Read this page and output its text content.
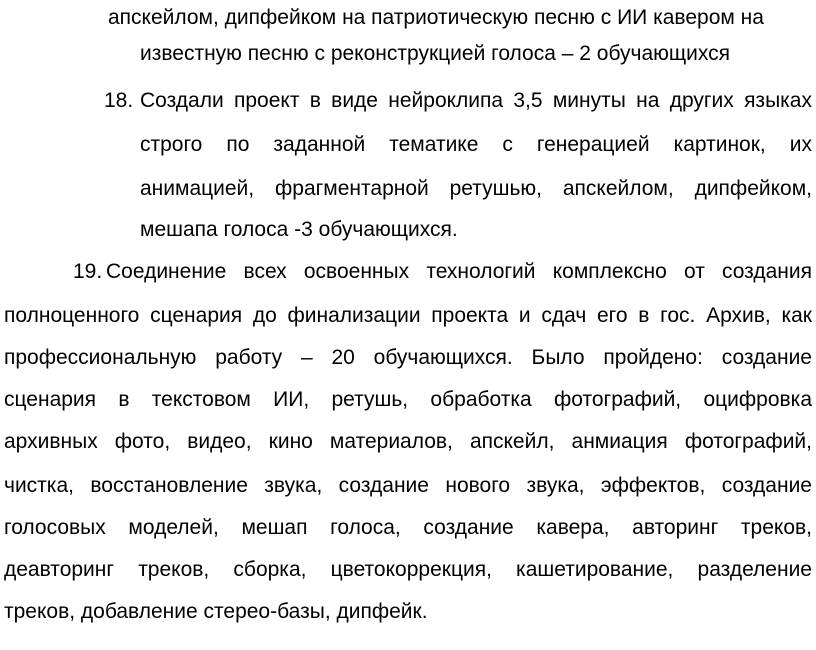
апскейлом, дипфейком на патриотическую песню с ИИ кавером на
известную песню с реконструкцией голоса – 2 обучающихся
18. Создали проект в виде нейроклипа 3,5 минуты на других языках
строго по заданной тематике с генерацией картинок, их
анимацией, фрагментарной ретушью, апскейлом, дипфейком,
мешапа голоса -3 обучающихся.
19. Соединение всех освоенных технологий комплексно от создания
полноценного сценария до финализации проекта и сдач его в гос. Архив, как
профессиональную работу – 20 обучающихся. Было пройдено: создание
сценария в текстовом ИИ, ретушь, обработка фотографий, оцифровка
архивных фото, видео, кино материалов, апскейл, анмиация фотографий,
чистка, восстановление звука, создание нового звука, эффектов, создание
голосовых моделей, мешап голоса, создание кавера, авторинг треков,
деавторинг треков, сборка, цветокоррекция, кашетирование, разделение
треков, добавление стерео-базы, дипфейк.
